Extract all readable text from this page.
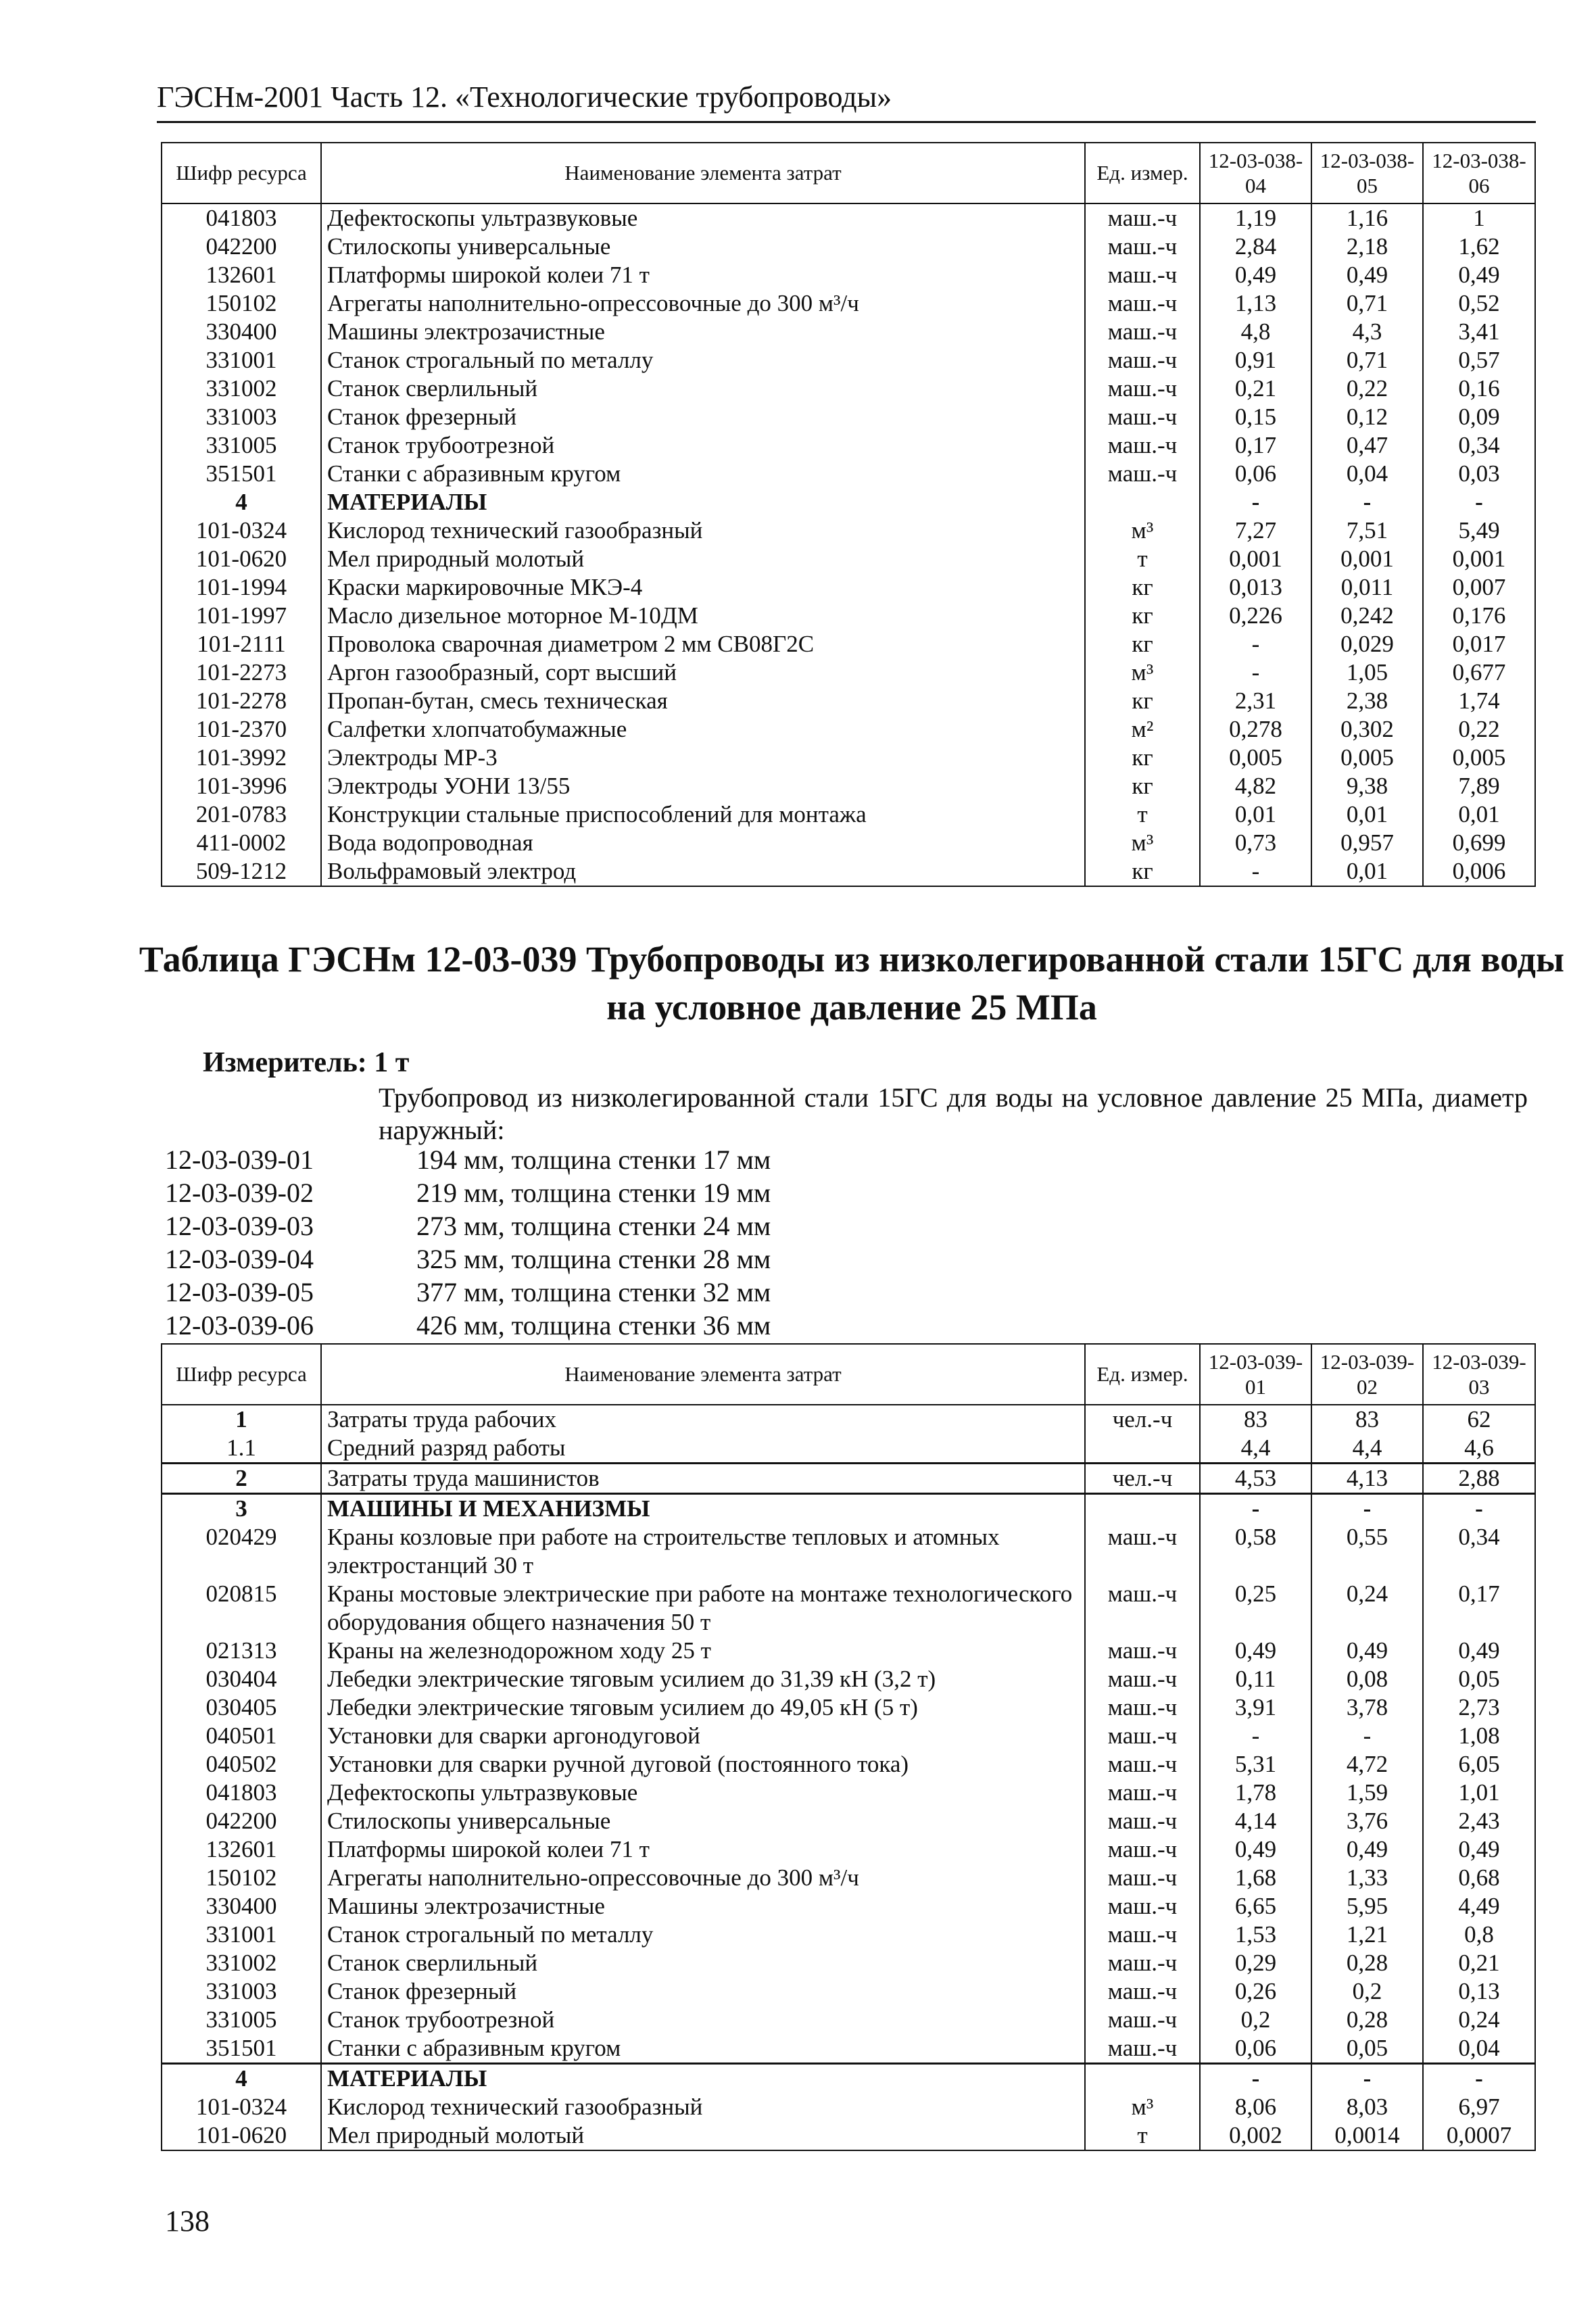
ГЭСНм-2001 Часть 12. «Технологические трубопроводы»
Шифр ресурса	Наименование элемента затрат	Ед. измер.	12-03-038-04	12-03-038-05	12-03-038-06
041803	Дефектоскопы ультразвуковые	маш.-ч	1,19	1,16	1
042200	Стилоскопы универсальные	маш.-ч	2,84	2,18	1,62
132601	Платформы широкой колеи 71 т	маш.-ч	0,49	0,49	0,49
150102	Агрегаты наполнительно-опрессовочные до 300 м³/ч	маш.-ч	1,13	0,71	0,52
330400	Машины электрозачистные	маш.-ч	4,8	4,3	3,41
331001	Станок строгальный по металлу	маш.-ч	0,91	0,71	0,57
331002	Станок сверлильный	маш.-ч	0,21	0,22	0,16
331003	Станок фрезерный	маш.-ч	0,15	0,12	0,09
331005	Станок трубоотрезной	маш.-ч	0,17	0,47	0,34
351501	Станки с абразивным кругом	маш.-ч	0,06	0,04	0,03
4	МАТЕРИАЛЫ		-	-	-
101-0324	Кислород технический газообразный	м³	7,27	7,51	5,49
101-0620	Мел природный молотый	т	0,001	0,001	0,001
101-1994	Краски маркировочные МКЭ-4	кг	0,013	0,011	0,007
101-1997	Масло дизельное моторное М-10ДМ	кг	0,226	0,242	0,176
101-2111	Проволока сварочная диаметром 2 мм СВ08Г2С	кг	-	0,029	0,017
101-2273	Аргон газообразный, сорт высший	м³	-	1,05	0,677
101-2278	Пропан-бутан, смесь техническая	кг	2,31	2,38	1,74
101-2370	Салфетки хлопчатобумажные	м²	0,278	0,302	0,22
101-3992	Электроды МР-3	кг	0,005	0,005	0,005
101-3996	Электроды УОНИ 13/55	кг	4,82	9,38	7,89
201-0783	Конструкции стальные приспособлений для монтажа	т	0,01	0,01	0,01
411-0002	Вода водопроводная	м³	0,73	0,957	0,699
509-1212	Вольфрамовый электрод	кг	-	0,01	0,006
Таблица ГЭСНм 12-03-039 Трубопроводы из низколегированной стали 15ГС для воды на условное давление 25 МПа
Измеритель: 1 т
Трубопровод из низколегированной стали 15ГС для воды на условное давление 25 МПа, диаметр наружный:
12-03-039-01	194 мм, толщина стенки 17 мм
12-03-039-02	219 мм, толщина стенки 19 мм
12-03-039-03	273 мм, толщина стенки 24 мм
12-03-039-04	325 мм, толщина стенки 28 мм
12-03-039-05	377 мм, толщина стенки 32 мм
12-03-039-06	426 мм, толщина стенки 36 мм
Шифр ресурса	Наименование элемента затрат	Ед. измер.	12-03-039-01	12-03-039-02	12-03-039-03
1	Затраты труда рабочих	чел.-ч	83	83	62
1.1	Средний разряд работы		4,4	4,4	4,6
2	Затраты труда машинистов	чел.-ч	4,53	4,13	2,88
3	МАШИНЫ И МЕХАНИЗМЫ		-	-	-
020429	Краны козловые при работе на строительстве тепловых и атомных электростанций 30 т	маш.-ч	0,58	0,55	0,34
020815	Краны мостовые электрические при работе на монтаже технологического оборудования общего назначения 50 т	маш.-ч	0,25	0,24	0,17
021313	Краны на железнодорожном ходу 25 т	маш.-ч	0,49	0,49	0,49
030404	Лебедки электрические тяговым усилием до 31,39 кН (3,2 т)	маш.-ч	0,11	0,08	0,05
030405	Лебедки электрические тяговым усилием до 49,05 кН (5 т)	маш.-ч	3,91	3,78	2,73
040501	Установки для сварки аргонодуговой	маш.-ч	-	-	1,08
040502	Установки для сварки ручной дуговой (постоянного тока)	маш.-ч	5,31	4,72	6,05
041803	Дефектоскопы ультразвуковые	маш.-ч	1,78	1,59	1,01
042200	Стилоскопы универсальные	маш.-ч	4,14	3,76	2,43
132601	Платформы широкой колеи 71 т	маш.-ч	0,49	0,49	0,49
150102	Агрегаты наполнительно-опрессовочные до 300 м³/ч	маш.-ч	1,68	1,33	0,68
330400	Машины электрозачистные	маш.-ч	6,65	5,95	4,49
331001	Станок строгальный по металлу	маш.-ч	1,53	1,21	0,8
331002	Станок сверлильный	маш.-ч	0,29	0,28	0,21
331003	Станок фрезерный	маш.-ч	0,26	0,2	0,13
331005	Станок трубоотрезной	маш.-ч	0,2	0,28	0,24
351501	Станки с абразивным кругом	маш.-ч	0,06	0,05	0,04
4	МАТЕРИАЛЫ		-	-	-
101-0324	Кислород технический газообразный	м³	8,06	8,03	6,97
101-0620	Мел природный молотый	т	0,002	0,0014	0,0007
138
